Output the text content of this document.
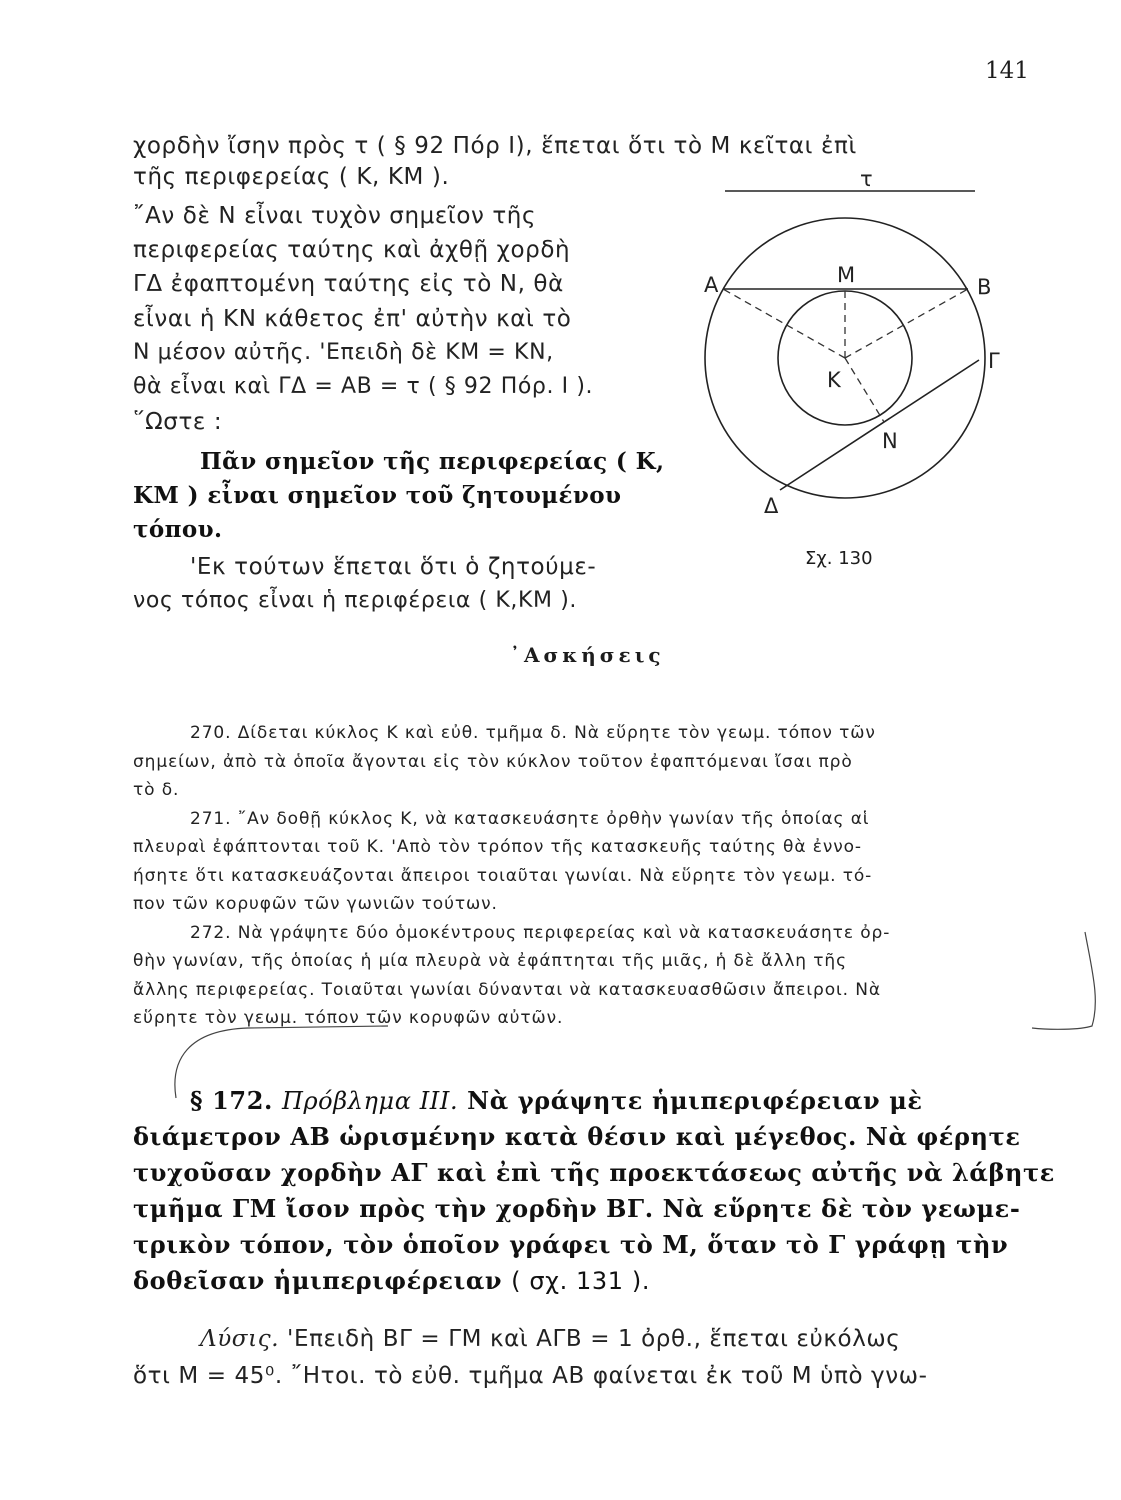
141

χορδὴν ἴσην πρὸς τ ( § 92 Πόρ Ι), ἕπεται ὅτι τὸ Μ κεῖται ἐπὶ

τῆς περιφερείας ( Κ, ΚΜ ).

῎Αν δὲ Ν εἶναι τυχὸν σημεῖον τῆς

περιφερείας ταύτης καὶ ἀχθῇ χορδὴ

ΓΔ ἐφαπτομένη ταύτης εἰς τὸ Ν, θὰ

εἶναι ἡ ΚΝ κάθετος ἐπ' αὐτὴν καὶ τὸ

Ν μέσον αὐτῆς. 'Επειδὴ δὲ ΚΜ = ΚΝ,

θὰ εἶναι καὶ ΓΔ = ΑΒ = τ ( § 92 Πόρ. Ι ).

῞Ωστε :

Πᾶν σημεῖον τῆς περιφερείας ( Κ,

ΚΜ ) εἶναι σημεῖον τοῦ ζητουμένου

τόπου.

'Εκ τούτων ἕπεται ὅτι ὁ ζητούμε-

νος τόπος εἶναι ἡ περιφέρεια ( Κ,ΚΜ ).

τ
Α	Μ	Β
Γ
Κ
Ν
Δ

Σχ. 130

᾽Ασκήσεις

270. Δίδεται κύκλος Κ καὶ εὐθ. τμῆμα δ. Νὰ εὕρητε τὸν γεωμ. τόπον τῶν

σημείων, ἀπὸ τὰ ὁποῖα ἄγονται εἰς τὸν κύκλον τοῦτον ἐφαπτόμεναι ἴσαι πρὸ

τὸ δ.

271. ῎Αν δοθῇ κύκλος Κ, νὰ κατασκευάσητε ὀρθὴν γωνίαν τῆς ὁποίας αἱ

πλευραὶ ἐφάπτονται τοῦ Κ. 'Απὸ τὸν τρόπον τῆς κατασκευῆς ταύτης θὰ ἐννο-

ήσητε ὅτι κατασκευάζονται ἄπειροι τοιαῦται γωνίαι. Νὰ εὕρητε τὸν γεωμ. τό-

πον τῶν κορυφῶν τῶν γωνιῶν τούτων.

272. Νὰ γράψητε δύο ὁμοκέντρους περιφερείας καὶ νὰ κατασκευάσητε ὀρ-

θὴν γωνίαν, τῆς ὁποίας ἡ μία πλευρὰ νὰ ἐφάπτηται τῆς μιᾶς, ἡ δὲ ἄλλη τῆς

ἄλλης περιφερείας. Τοιαῦται γωνίαι δύνανται νὰ κατασκευασθῶσιν ἄπειροι. Νὰ

εὕρητε τὸν γεωμ. τόπον τῶν κορυφῶν αὐτῶν.

§ 172. Πρόβλημα ΙΙΙ. Νὰ γράψητε ἡμιπεριφέρειαν μὲ

διάμετρον ΑΒ ὡρισμένην κατὰ θέσιν καὶ μέγεθος. Νὰ φέρητε

τυχοῦσαν χορδὴν ΑΓ καὶ ἐπὶ τῆς προεκτάσεως αὐτῆς νὰ λάβητε

τμῆμα ΓΜ ἴσον πρὸς τὴν χορδὴν ΒΓ. Νὰ εὕρητε δὲ τὸν γεωμε-

τρικὸν τόπον, τὸν ὁποῖον γράφει τὸ Μ, ὅταν τὸ Γ γράφῃ τὴν

δοθεῖσαν ἡμιπεριφέρειαν ( σχ. 131 ).

Λύσις. 'Επειδὴ ΒΓ = ΓΜ καὶ ΑΓΒ = 1 ὀρθ., ἕπεται εὐκόλως

ὅτι Μ = 45⁰. ῎Ητοι. τὸ εὐθ. τμῆμα ΑΒ φαίνεται ἐκ τοῦ Μ ὑπὸ γνω-
